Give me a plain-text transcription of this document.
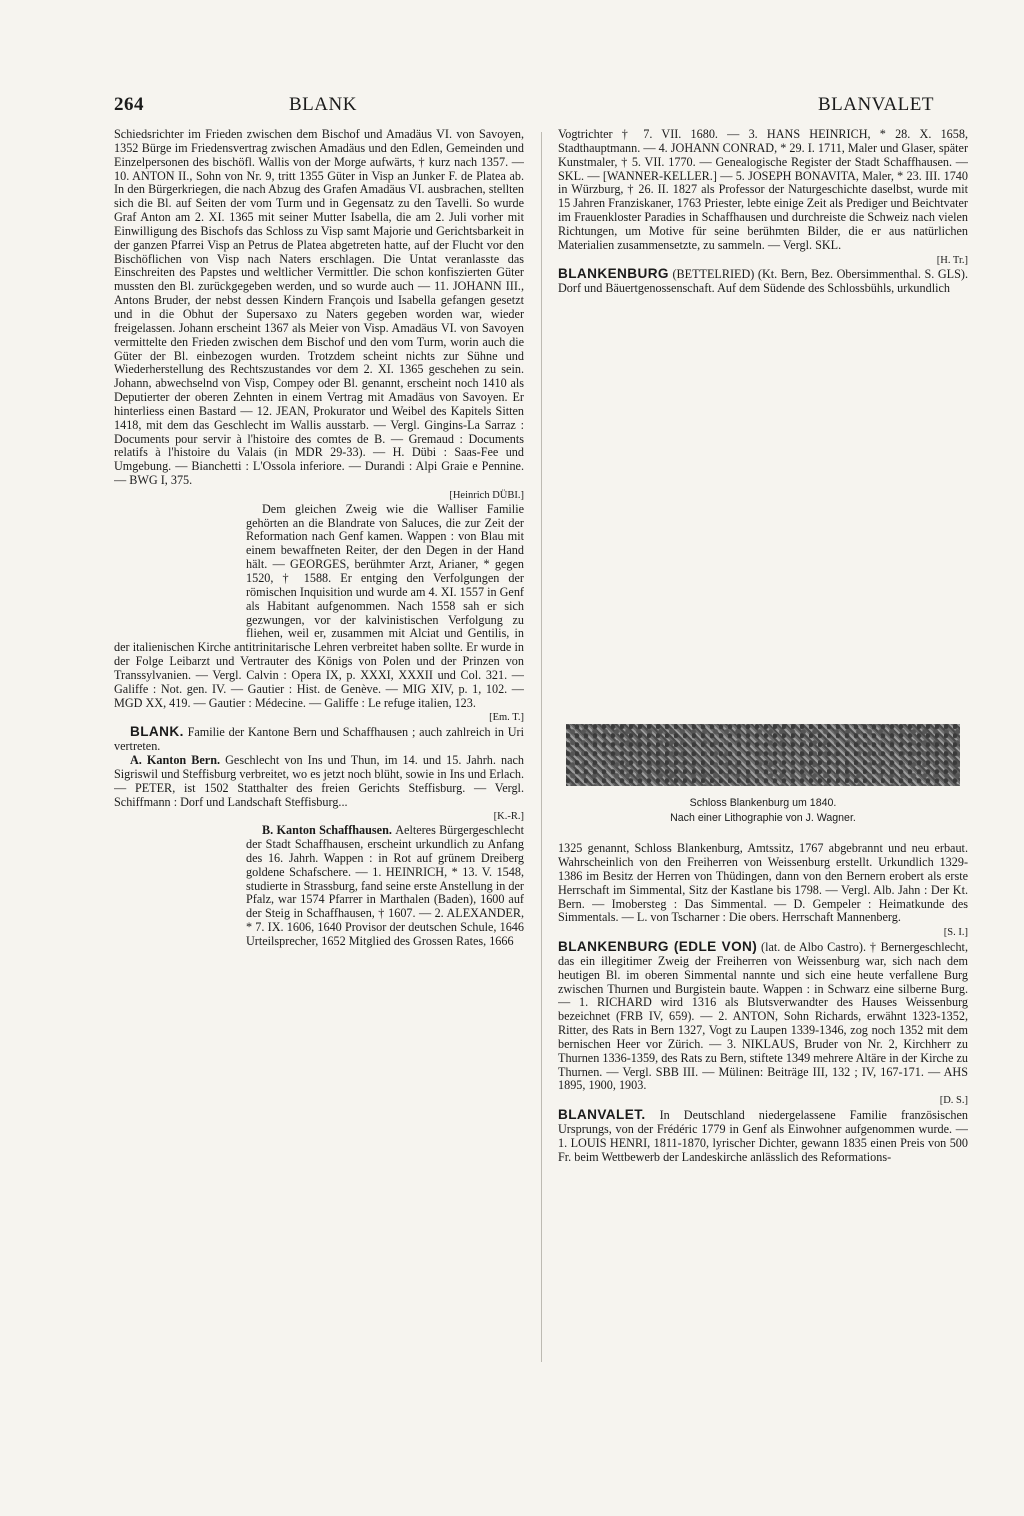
264	BLANK	BLANVALET

Schiedsrichter im Frieden zwischen dem Bischof und Amadäus VI. von Savoyen, 1352 Bürge im Friedensvertrag zwischen Amadäus und den Edlen, Gemeinden und Einzelpersonen des bischöfl. Wallis von der Morge aufwärts, † kurz nach 1357. — 10. ANTON II., Sohn von Nr. 9, tritt 1355 Güter in Visp an Junker F. de Platea ab. In den Bürgerkriegen, die nach Abzug des Grafen Amadäus VI. ausbrachen, stellten sich die Bl. auf Seiten der vom Turm und in Gegensatz zu den Tavelli. So wurde Graf Anton am 2. XI. 1365 mit seiner Mutter Isabella, die am 2. Juli vorher mit Einwilligung des Bischofs das Schloss zu Visp samt Majorie und Gerichtsbarkeit in der ganzen Pfarrei Visp an Petrus de Platea abgetreten hatte, auf der Flucht vor den Bischöflichen von Visp nach Naters erschlagen. Die Untat veranlasste das Einschreiten des Papstes und weltlicher Vermittler. Die schon konfiszierten Güter mussten den Bl. zurückgegeben werden, und so wurde auch — 11. JOHANN III., Antons Bruder, der nebst dessen Kindern François und Isabella gefangen gesetzt und in die Obhut der Supersaxo zu Naters gegeben worden war, wieder freigelassen. Johann erscheint 1367 als Meier von Visp. Amadäus VI. von Savoyen vermittelte den Frieden zwischen dem Bischof und den vom Turm, worin auch die Güter der Bl. einbezogen wurden. Trotzdem scheint nichts zur Sühne und Wiederherstellung des Rechtszustandes vor dem 2. XI. 1365 geschehen zu sein. Johann, abwechselnd von Visp, Compey oder Bl. genannt, erscheint noch 1410 als Deputierter der oberen Zehnten in einem Vertrag mit Amadäus von Savoyen. Er hinterliess einen Bastard — 12. JEAN, Prokurator und Weibel des Kapitels Sitten 1418, mit dem das Geschlecht im Wallis ausstarb. — Vergl. Gingins-La Sarraz : Documents pour servir à l'histoire des comtes de B. — Gremaud : Documents relatifs à l'histoire du Valais (in MDR 29-33). — H. Dübi : Saas-Fee und Umgebung. — Bianchetti : L'Ossola inferiore. — Durandi : Alpi Graie e Pennine. — BWG I, 375.
[Heinrich DÜBI.]

Dem gleichen Zweig wie die Walliser Familie gehörten an die Blandrate von Saluces, die zur Zeit der Reformation nach Genf kamen. Wappen : von Blau mit einem bewaffneten Reiter, der den Degen in der Hand hält. — GEORGES, berühmter Arzt, Arianer, * gegen 1520, † 1588. Er entging den Verfolgungen der römischen Inquisition und wurde am 4. XI. 1557 in Genf als Habitant aufgenommen. Nach 1558 sah er sich gezwungen, vor der kalvinistischen Verfolgung zu fliehen, weil er, zusammen mit Alciat und Gentilis, in der italienischen Kirche antitrinitarische Lehren verbreitet haben sollte. Er wurde in der Folge Leibarzt und Vertrauter des Königs von Polen und der Prinzen von Transsylvanien. — Vergl. Calvin : Opera IX, p. XXXI, XXXII und Col. 321. — Galiffe : Not. gen. IV. — Gautier : Hist. de Genève. — MIG XIV, p. 1, 102. — MGD XX, 419. — Gautier : Médecine. — Galiffe : Le refuge italien, 123.
[Em. T.]

BLANK. Familie der Kantone Bern und Schaffhausen ; auch zahlreich in Uri vertreten.

A. Kanton Bern. Geschlecht von Ins und Thun, im 14. und 15. Jahrh. nach Sigriswil und Steffisburg verbreitet, wo es jetzt noch blüht, sowie in Ins und Erlach. — PETER, ist 1502 Statthalter des freien Gerichts Steffisburg. — Vergl. Schiffmann : Dorf und Landschaft Steffisburg...
[K.-R.]

B. Kanton Schaffhausen. Aelteres Bürgergeschlecht der Stadt Schaffhausen, erscheint urkundlich zu Anfang des 16. Jahrh. Wappen : in Rot auf grünem Dreiberg goldene Schafschere. — 1. HEINRICH, * 13. V. 1548, studierte in Strassburg, fand seine erste Anstellung in der Pfalz, war 1574 Pfarrer in Marthalen (Baden), 1600 auf der Steig in Schaffhausen, † 1607. — 2. ALEXANDER, * 7. IX. 1606, 1640 Provisor der deutschen Schule, 1646 Urteilsprecher, 1652 Mitglied des Grossen Rates, 1666

Vogtrichter † 7. VII. 1680. — 3. HANS HEINRICH, * 28. X. 1658, Stadthauptmann. — 4. JOHANN CONRAD, * 29. I. 1711, Maler und Glaser, später Kunstmaler, † 5. VII. 1770. — Genealogische Register der Stadt Schaffhausen. — SKL. — [WANNER-KELLER.] — 5. JOSEPH BONAVITA, Maler, * 23. III. 1740 in Würzburg, † 26. II. 1827 als Professor der Naturgeschichte daselbst, wurde mit 15 Jahren Franziskaner, 1763 Priester, lebte einige Zeit als Prediger und Beichtvater im Frauenkloster Paradies in Schaffhausen und durchreiste die Schweiz nach vielen Richtungen, um Motive für seine berühmten Bilder, die er aus natürlichen Materialien zusammensetzte, zu sammeln. — Vergl. SKL.
[H. Tr.]

BLANKENBURG (BETTELRIED) (Kt. Bern, Bez. Obersimmenthal. S. GLS). Dorf und Bäuertgenossenschaft. Auf dem Südende des Schlossbühls, urkundlich

Schloss Blankenburg um 1840.
Nach einer Lithographie von J. Wagner.

1325 genannt, Schloss Blankenburg, Amtssitz, 1767 abgebrannt und neu erbaut. Wahrscheinlich von den Freiherren von Weissenburg erstellt. Urkundlich 1329-1386 im Besitz der Herren von Thüdingen, dann von den Bernern erobert als erste Herrschaft im Simmental, Sitz der Kastlane bis 1798. — Vergl. Alb. Jahn : Der Kt. Bern. — Imobersteg : Das Simmental. — D. Gempeler : Heimatkunde des Simmentals. — L. von Tscharner : Die obers. Herrschaft Mannenberg.
[S. I.]

BLANKENBURG (EDLE VON) (lat. de Albo Castro). † Bernergeschlecht, das ein illegitimer Zweig der Freiherren von Weissenburg war, sich nach dem heutigen Bl. im oberen Simmental nannte und sich eine heute verfallene Burg zwischen Thurnen und Burgistein baute. Wappen : in Schwarz eine silberne Burg. — 1. RICHARD wird 1316 als Blutsverwandter des Hauses Weissenburg bezeichnet (FRB IV, 659). — 2. ANTON, Sohn Richards, erwähnt 1323-1352, Ritter, des Rats in Bern 1327, Vogt zu Laupen 1339-1346, zog noch 1352 mit dem bernischen Heer vor Zürich. — 3. NIKLAUS, Bruder von Nr. 2, Kirchherr zu Thurnen 1336-1359, des Rats zu Bern, stiftete 1349 mehrere Altäre in der Kirche zu Thurnen. — Vergl. SBB III. — Mülinen: Beiträge III, 132 ; IV, 167-171. — AHS 1895, 1900, 1903.
[D. S.]

BLANVALET. In Deutschland niedergelassene Familie französischen Ursprungs, von der Frédéric 1779 in Genf als Einwohner aufgenommen wurde. — 1. LOUIS HENRI, 1811-1870, lyrischer Dichter, gewann 1835 einen Preis von 500 Fr. beim Wettbewerb der Landeskirche anlässlich des Reformations-
